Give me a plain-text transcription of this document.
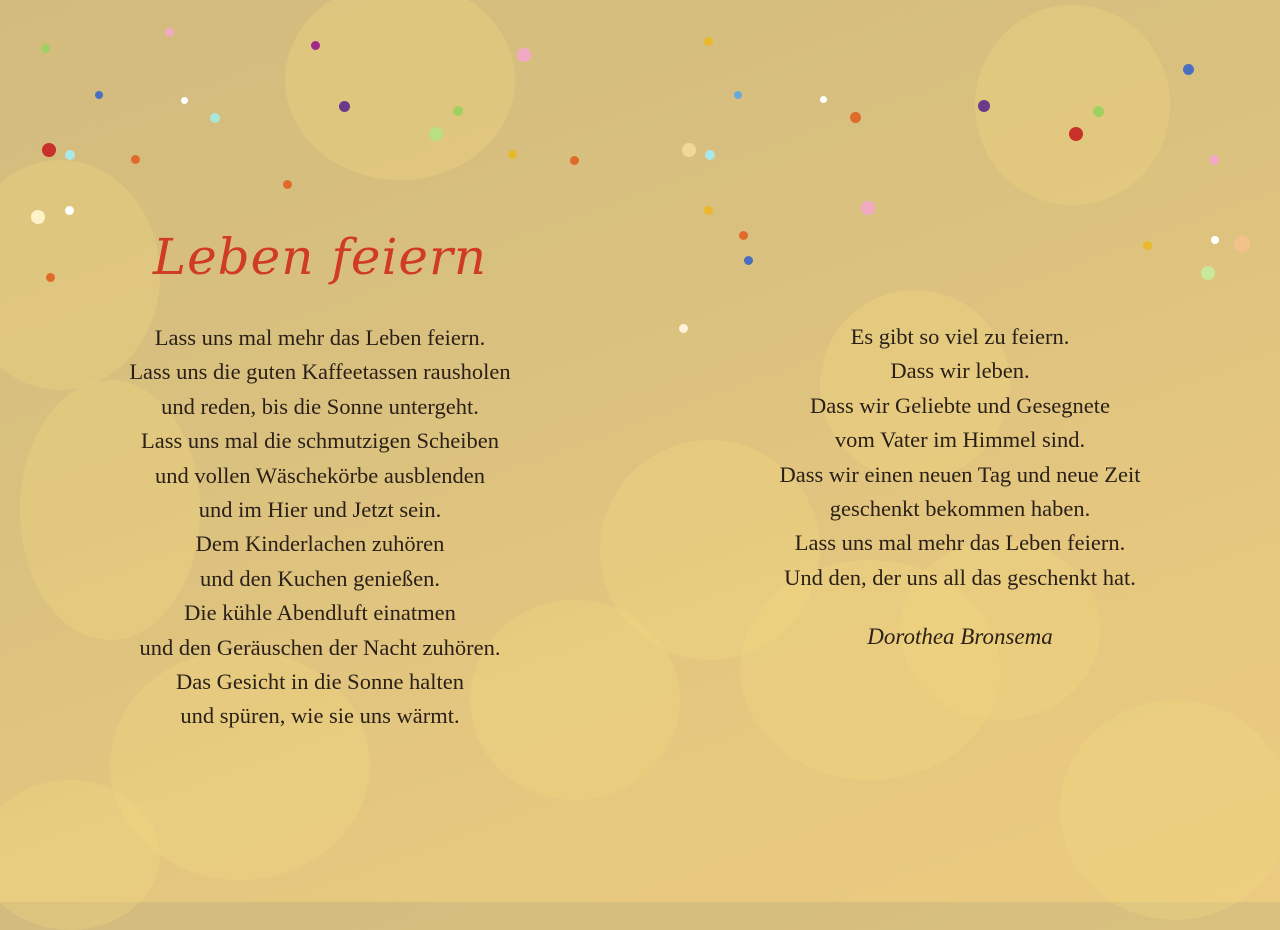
Leben feiern
Lass uns mal mehr das Leben feiern.
Lass uns die guten Kaffeetassen rausholen
und reden, bis die Sonne untergeht.
Lass uns mal die schmutzigen Scheiben
und vollen Wäschekörbe ausblenden
und im Hier und Jetzt sein.
Dem Kinderlachen zuhören
und den Kuchen genießen.
Die kühle Abendluft einatmen
und den Geräuschen der Nacht zuhören.
Das Gesicht in die Sonne halten
und spüren, wie sie uns wärmt.
Es gibt so viel zu feiern.
Dass wir leben.
Dass wir Geliebte und Gesegnete
vom Vater im Himmel sind.
Dass wir einen neuen Tag und neue Zeit
geschenkt bekommen haben.
Lass uns mal mehr das Leben feiern.
Und den, der uns all das geschenkt hat.
Dorothea Bronsema
